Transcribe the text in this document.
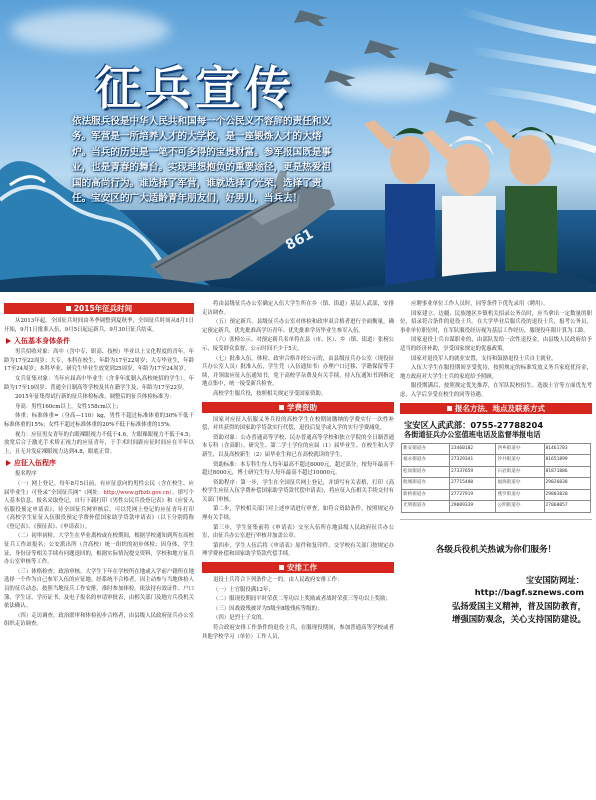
征兵宣传
依法服兵役是中华人民共和国每一个公民义不容辞的责任和义务。军营是一所培养人才的大学校，是一座锻炼人才的大熔炉。当兵的历史是一笔不可多得的宝贵财富。参军报国既是事业，也是青春的舞台。实现理想抱负的重要途径，更是热爱祖国的高尚行为。谁选择了军营，谁就选择了光荣，选择了责任。宝安区的广大适龄青年朋友们，好男儿，当兵去！
861
2015年征兵时间

从2013年起，全国征兵时间由冬季调整到夏秋季，全国征兵时间从8月1日开始，9月1日批准入伍，9月5日起运新兵，9月30日征兵结束。

入伍基本身体条件

男兵招收对象：高中（含中专、职高、技校）毕业以上文化程度的青年，年龄为17至22周岁；大专、本科在校生，年龄为17至22周岁；大专毕业生，年龄17至24周岁；本科毕业、研究生毕业生放宽到25周岁，年龄为17至24周岁。

女兵征集对象：当年应届高中毕业生（含非年度制入高校统招的学生），年龄为17至19周岁；普通全日制高等学校及其在籍学生及、年龄为17至22岁。

2015年征集得试行新的征兵体检标准，调整后的征兵体检标准为：

身高：男性160cm以上，女性158cm以上；

体重：标准体重=（身高—110）kg，男性不超过标准体重的30%不低于标准体重的15%；女性不超过标准体重的20%不低于标准体重的15%。

视力：应征男女青年的右眼裸眼视力不低于4.6，左眼裸眼视力不低于4.5；放宽后合于激光手术矫正视力的应征青年，于手术时间距应征时间应在半年以上，且无并发症裸眼视力达到4.8，眼底正常。

应征入伍程序

报名程序

（一）网上登记。每年8月5日前，有应征意向的男性公民（含在校生、应届毕业生）可登录“全国征兵网”（网址：http://www.gfbzb.gov.cn），填写个人基本信息，报名采取登记，自行下载打印《男性公民兵役登记表》和《应征入伍服役预定申请表》，待全国征兵网审核后，可以凭网上登记的应征青年打印《高校学生征征入伍服役预定学费补偿国家助学贷款申请表》（以下分别简称《登记表》、《预征表》、《申请表》）。

（二）初审初检。大学生在毕业离校或在校期间，根据学校通知到所在高校征兵工作站报名；公安派出所（含高校）统一组织的初步体检；因身体、学生证、身份证等相关手续有问题退回的，根据实际情况提交资料，学校和地方征兵办公室审核等工作。

（三）体格检查。政治审核。大学生下年在学校所在地或入学前户籍所在地选择一个作为自己参军入伍的应征地。经系统不合格者，因主动参与当地体检人员的征兵动态，按照当地征兵工作安排，准时参加体检。依法持有效证件、户口簿、学生证、学历证书，及电子报名的申请审批表，由相关部门及地方兵役机关依法确认。

（四）走访调查。政治联审和体检初步合格者，由县级人民政府征兵办公室组织走访调查。

将由县级征兵办公室确定入伍大学生所在乡（镇、街道）基层人武部，安排走访调查。

（五）预定新兵。县级征兵办公室对体检和政审双合格者进行全面衡量，确定预定新兵，优先批准高学历青年、优先批准学历毕业生参军入伍。

（六）张榜公示。对预定新兵名单将在县（市、区）、乡（镇、街道）张榜公示，接受群众监督，公示时间不少于5天。

（七）批准入伍。体检、政审合格并经公示的，由县级征兵办公室（现役征兵办公室人员）批准入伍，学生凭（入伍通知书）办理户口迁移、学籍保留等手续，并领取应征入伍通知书，免于高校学杂费及有关手续，持入伍通知书到指定地点集中，统一接受新兵检查。

高校学生服兵役，按照相关规定享受国家资助。

学费资助

国家对应征入伍服义务兵役的高校学生在校期间缴纳的学费实行一次性补偿，对其获得的国家助学贷款实行代偿，退役后复学或入学的实行学费减免。

资助对象：公办普通高等学校、民办普通高等学校和独立学院的全日制普通本专科（含高职）、研究生、第二学士学位的应届（1）届毕业生、在校生和入学新生，以及高校新生（2）届毕业生和已在高校就读的学生。

资助标准：本专科生每人每年最高不超过6000元，超过部分，按每年最高不超过8000元，博士研究生每人每年最高不超过10000元。

资助程序：第一步，学生在全国征兵网上登记，并填写有关表格，打印《高校学生应征入伍学费补偿国家助学贷款代偿申请表》，将应征入伍相关手续交付有关部门审核。

第二步，学校相关部门对上述申请进行审查，如符合资助条件，按照规定办理有关手续。

第三步，学生征集前将《申请表》交至入伍所在地县级人民政府征兵办公室，由征兵办公室进行审核并加盖公章。

第四步，学生人伍后将《申请表》原件和复印件，交学校有关部门按规定办理学费补偿和国家助学贷款代偿手续。

安排工作

退役士兵符合下列条件之一的，由人民政府安排工作：

（一）士官服役满12年；

（二）服现役期间平时荣获二等功以上奖励或者战时荣获三等功以上奖励；

（三）因战致残被评为5级至8级残疾等级的；

（四）是烈士子女的。

符合政府安排工作条件的退役士兵，在服现役期间，参加普通高等学校或者其他学校学习（单位）工作人员，

应聘事业单位工作人员时，同等条件下优先录用（聘用）。

国家建立、边疆、民族地区乡镇机关招录公务员时，应当拿出一定数量的职位，招录符合条件的退役士兵。在大学毕业后服兵役的退役士兵，报考公务员，事业单位职位时，在军队服役经历视为基层工作经历，服现役年限计算为工龄。

国家退役士兵自谋职业的，由部队发给一次性退役金，由县级人民政府给予适当的经济补助，享受国家规定的优惠政策。

国家对退役军人的就业安置，支持和鼓励退役士兵自主就业。

入伍大学生在服役期间享受优待，按照规定的标准发放义务兵家庭优待金，地方政府对大学生士兵的家庭给予照顾。

服役期满后，按照规定优先推荐，在军队院校招生、选拔士官等方面优先考虑，入学后享受在校生的同等待遇。

报名方法、地点及联系方式
宝安区人武武部：0755-27788204
各街道征兵办公室值班电话及监督举报电话
新安街道办	23460182	西乡街道办	81461783
福永街道办	27329341	沙井街道办	81651899
松岗街道办	27337659	石岩街道办	81871886
航城街道办	27715400	福海街道办	29026038
新桥街道办	27727919	燕罗街道办	29803820
光明街道办	29009339	公明街道办	27060057
各级兵役机关热诚为你们服务！
宝安国防网址：
http://bagf.sznews.com
弘扬爱国主义精神，普及国防教育，
增强国防观念，关心支持国防建设。
